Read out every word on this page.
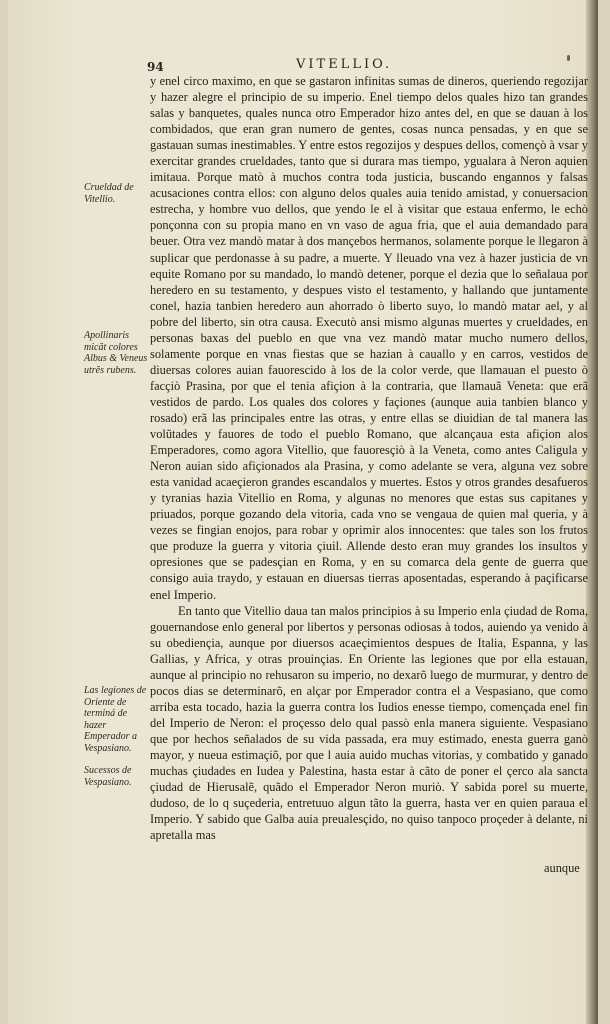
94	VITELLIO.
Crueldad de Vitellio.
Apollinaris micăt colores Albus & Veneus utrĕs rubens.
Las legiones de Oriente de terminá de hazer Emperador a Vespasiano.
Sucessos de Vespasiano.

y enel circo maximo, en que se gastaron infinitas sumas de dineros, queriendo regozijar y hazer alegre el principio de su imperio. Enel tiempo delos quales hizo tan grandes salas y banquetes, quales nunca otro Emperador hizo antes del, en que se dauan à los combidados, que eran gran numero de gentes, cosas nunca pensadas, y en que se gastauan sumas inestimables. Y entre estos regozijos y despues dellos, començò à vsar y exercitar grandes crueldades, tanto que si durara mas tiempo, ygualara à Neron aquien imitaua. Porque matò à muchos contra toda justicia, buscando engannos y falsas acusaciones contra ellos: con alguno delos quales auia tenido amistad, y conuersacion estrecha, y hombre vuo dellos, que yendo le el à visitar que estaua enfermo, le echò ponçonna con su propia mano en vn vaso de agua fria, que el auia demandado para beuer. Otra vez mandò matar à dos mançebos hermanos, solamente porque le llegaron à suplicar que perdonasse à su padre, a muerte. Y lleuado vna vez à hazer justicia de vn equite Romano por su mandado, lo mandò detener, porque el dezia que lo señalaua por heredero en su testamento, y despues visto el testamento, y hallando que juntamente conel, hazia tanbien heredero aun ahorrado ò liberto suyo, lo mandò matar ael, y al pobre del liberto, sin otra causa. Executò ansi mismo algunas muertes y crueldades, en personas baxas del pueblo en que vna vez mandò matar mucho numero dellos, solamente porque en vnas fiestas que se hazian à cauallo y en carros, vestidos de diuersas colores auian fauorescido à los de la color verde, que llamauan el puesto ò facçiò Prasina, por que el tenia afiçion à la contraria, que llamauã Veneta: que erã vestidos de pardo. Los quales dos colores y façiones (aunque auia tanbien blanco y rosado) erã las principales entre las otras, y entre ellas se diuidian de tal manera las volũtades y fauores de todo el pueblo Romano, que alcançaua esta afiçion alos Emperadores, como agora Vitellio, que fauoresçiò à la Veneta, como antes Caligula y Neron auian sido afiçionados ala Prasina, y como adelante se vera, alguna vez sobre esta vanidad acaeçieron grandes escandalos y muertes. Estos y otros grandes desafueros y tyranias hazia Vitellio en Roma, y algunas no menores que estas sus capitanes y priuados, porque gozando dela vitoria, cada vno se vengaua de quien mal queria, y à vezes se fingian enojos, para robar y oprimir alos innocentes: que tales son los frutos que produze la guerra y vitoria çiuil. Allende desto eran muy grandes los insultos y opresiones que se padesçian en Roma, y en su comarca dela gente de guerra que consigo auia traydo, y estauan en diuersas tierras aposentadas, esperando à paçificarse enel Imperio.

En tanto que Vitellio daua tan malos principios à su Imperio enla çiudad de Roma, gouernandose enlo general por libertos y personas odiosas à todos, auiendo ya venido à su obediençia, aunque por diuersos acaeçimientos despues de Italia, Espanna, y las Gallias, y Africa, y otras prouinçias. En Oriente las legiones que por ella estauan, aunque al principio no rehusaron su imperio, no dexarõ luego de murmurar, y dentro de pocos dias se determinarõ, en alçar por Emperador contra el a Vespasiano, que como arriba esta tocado, hazia la guerra contra los Iudios enesse tiempo, començada enel fin del Imperio de Neron: el proçesso delo qual passò enla manera siguiente. Vespasiano que por hechos señalados de su vida passada, era muy estimado, enesta guerra ganò mayor, y nueua estimaçiõ, por que l auia auido muchas vitorias, y combatido y ganado muchas çiudades en Iudea y Palestina, hasta estar à cãto de poner el çerco ala sancta çiudad de Hierusalẽ, quãdo el Emperador Neron muriò. Y sabida porel su muerte, dudoso, de lo q suçederia, entretuuo algun tãto la guerra, hasta ver en quien paraua el Imperio. Y sabido que Galba auia preualesçido, no quiso tanpoco proçeder à delante, ni apretalla mas

aunque
